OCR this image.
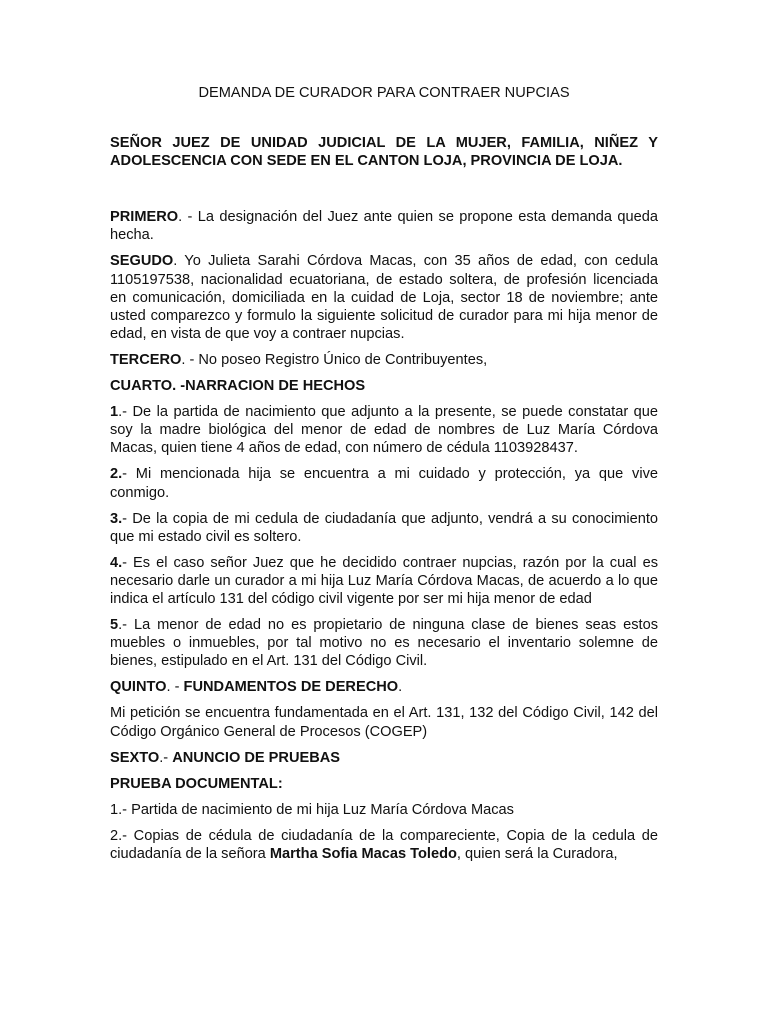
DEMANDA DE CURADOR PARA CONTRAER NUPCIAS
SEÑOR JUEZ DE UNIDAD JUDICIAL DE LA MUJER, FAMILIA, NIÑEZ Y ADOLESCENCIA CON SEDE EN EL CANTON LOJA, PROVINCIA DE LOJA.

PRIMERO. - La designación del Juez ante quien se propone esta demanda queda hecha.

SEGUDO. Yo Julieta Sarahi Córdova Macas, con 35 años de edad, con cedula 1105197538, nacionalidad ecuatoriana, de estado soltera, de profesión licenciada en comunicación, domiciliada en la cuidad de Loja, sector 18 de noviembre; ante usted comparezco y formulo la siguiente solicitud de curador para mi hija menor de edad, en vista de que voy a contraer nupcias.

TERCERO. - No poseo Registro Único de Contribuyentes,

CUARTO. -NARRACION DE HECHOS

1.- De la partida de nacimiento que adjunto a la presente, se puede constatar que soy la madre biológica del menor de edad de nombres de Luz María Córdova Macas, quien tiene 4 años de edad, con número de cédula 1103928437.

2.- Mi mencionada hija se encuentra a mi cuidado y protección, ya que vive conmigo.

3.- De la copia de mi cedula de ciudadanía que adjunto, vendrá a su conocimiento que mi estado civil es soltero.

4.- Es el caso señor Juez que he decidido contraer nupcias, razón por la cual es necesario darle un curador a mi hija Luz María Córdova Macas, de acuerdo a lo que indica el artículo 131 del código civil vigente por ser mi hija menor de edad

5.- La menor de edad no es propietario de ninguna clase de bienes seas estos muebles o inmuebles, por tal motivo no es necesario el inventario solemne de bienes, estipulado en el Art. 131 del Código Civil.

QUINTO. - FUNDAMENTOS DE DERECHO.

Mi petición se encuentra fundamentada en el Art. 131, 132 del Código Civil, 142 del Código Orgánico General de Procesos (COGEP)

SEXTO.- ANUNCIO DE PRUEBAS
PRUEBA DOCUMENTAL:

1.- Partida de nacimiento de mi hija Luz María Córdova Macas

2.- Copias de cédula de ciudadanía de la compareciente, Copia de la cedula de ciudadanía de la señora Martha Sofia Macas Toledo, quien será la Curadora,
